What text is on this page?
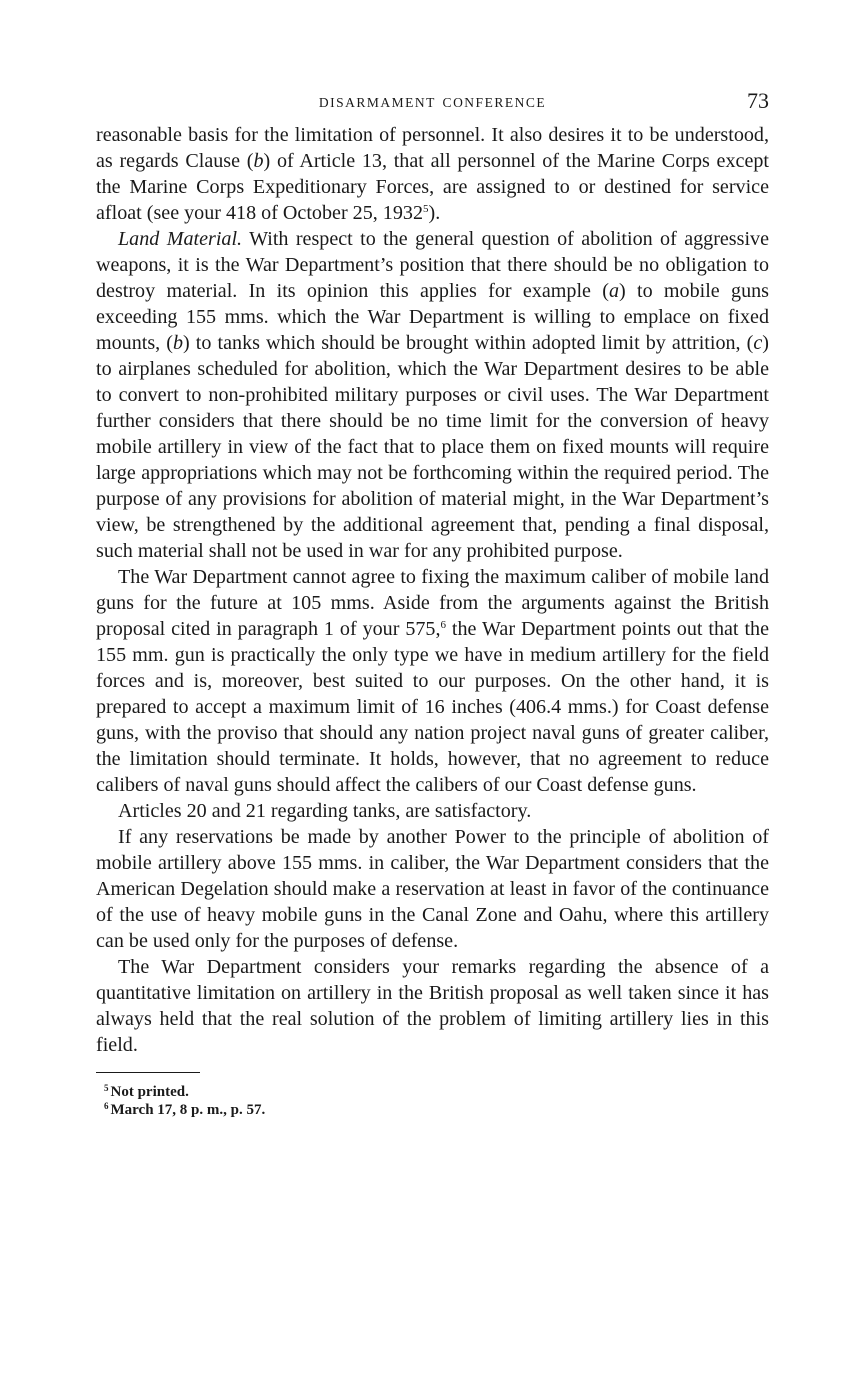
DISARMAMENT CONFERENCE	73

reasonable basis for the limitation of personnel. It also desires it to be understood, as regards Clause (b) of Article 13, that all personnel of the Marine Corps except the Marine Corps Expeditionary Forces, are assigned to or destined for service afloat (see your 418 of October 25, 1932$^5$).

Land Material. With respect to the general question of abolition of aggressive weapons, it is the War Department’s position that there should be no obligation to destroy material. In its opinion this applies for example (a) to mobile guns exceeding 155 mms. which the War Department is willing to emplace on fixed mounts, (b) to tanks which should be brought within adopted limit by attrition, (c) to airplanes scheduled for abolition, which the War Department desires to be able to convert to non-prohibited military purposes or civil uses. The War Department further considers that there should be no time limit for the conversion of heavy mobile artillery in view of the fact that to place them on fixed mounts will require large appropriations which may not be forthcoming within the required period. The purpose of any provisions for abolition of material might, in the War Department’s view, be strengthened by the additional agreement that, pending a final disposal, such material shall not be used in war for any prohibited purpose.

The War Department cannot agree to fixing the maximum caliber of mobile land guns for the future at 105 mms. Aside from the arguments against the British proposal cited in paragraph 1 of your 575,$^6$ the War Department points out that the 155 mm. gun is practically the only type we have in medium artillery for the field forces and is, moreover, best suited to our purposes. On the other hand, it is prepared to accept a maximum limit of 16 inches (406.4 mms.) for Coast defense guns, with the proviso that should any nation project naval guns of greater caliber, the limitation should terminate. It holds, however, that no agreement to reduce calibers of naval guns should affect the calibers of our Coast defense guns.

Articles 20 and 21 regarding tanks, are satisfactory.

If any reservations be made by another Power to the principle of abolition of mobile artillery above 155 mms. in caliber, the War Department considers that the American Degelation should make a reservation at least in favor of the continuance of the use of heavy mobile guns in the Canal Zone and Oahu, where this artillery can be used only for the purposes of defense.

The War Department considers your remarks regarding the absence of a quantitative limitation on artillery in the British proposal as well taken since it has always held that the real solution of the problem of limiting artillery lies in this field.

$^5$ Not printed.
$^6$ March 17, 8 p. m., p. 57.
